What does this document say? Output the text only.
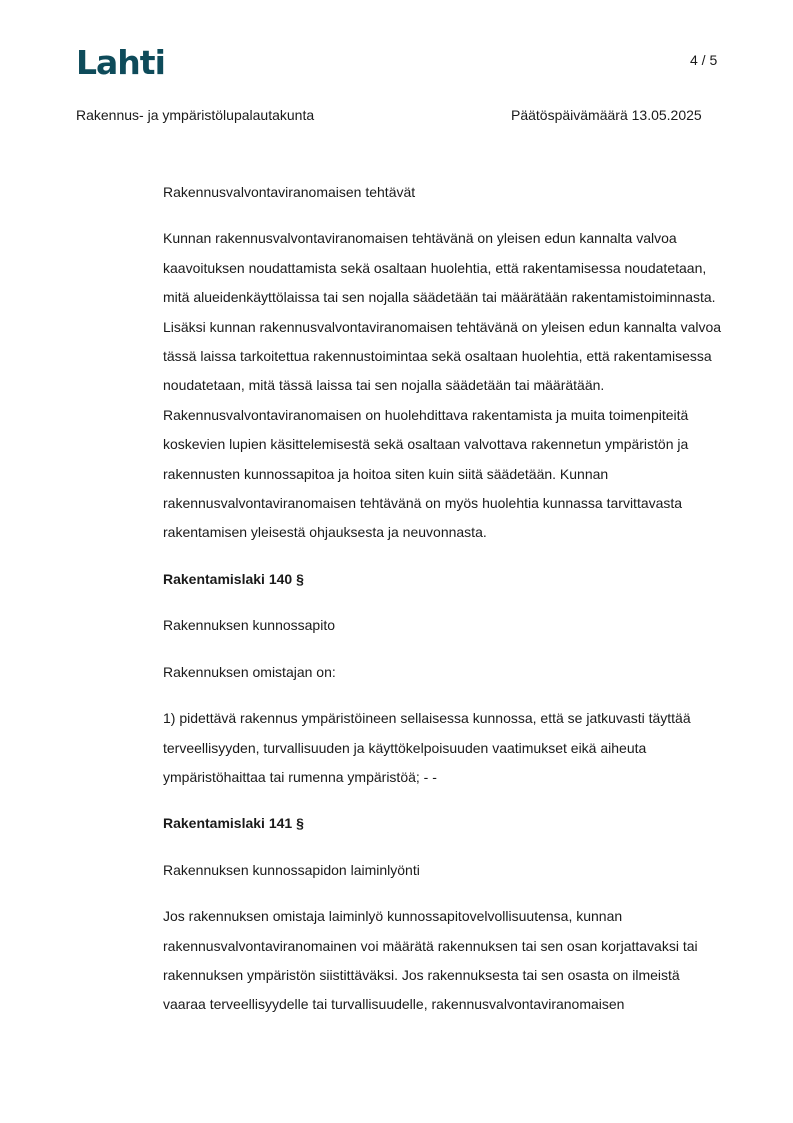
Lahti	4 / 5
Rakennus- ja ympäristölupalautakunta	Päätöspäivämäärä 13.05.2025

Rakennusvalvontaviranomaisen tehtävät

Kunnan rakennusvalvontaviranomaisen tehtävänä on yleisen edun kannalta valvoa kaavoituksen noudattamista sekä osaltaan huolehtia, että rakentamisessa noudatetaan, mitä alueidenkäyttölaissa tai sen nojalla säädetään tai määrätään rakentamistoiminnasta. Lisäksi kunnan rakennusvalvontaviranomaisen tehtävänä on yleisen edun kannalta valvoa tässä laissa tarkoitettua rakennustoimintaa sekä osaltaan huolehtia, että rakentamisessa noudatetaan, mitä tässä laissa tai sen nojalla säädetään tai määrätään. Rakennusvalvontaviranomaisen on huolehdittava rakentamista ja muita toimenpiteitä koskevien lupien käsittelemisestä sekä osaltaan valvottava rakennetun ympäristön ja rakennusten kunnossapitoa ja hoitoa siten kuin siitä säädetään. Kunnan rakennusvalvontaviranomaisen tehtävänä on myös huolehtia kunnassa tarvittavasta rakentamisen yleisestä ohjauksesta ja neuvonnasta.

Rakentamislaki 140 §

Rakennuksen kunnossapito

Rakennuksen omistajan on:

1) pidettävä rakennus ympäristöineen sellaisessa kunnossa, että se jatkuvasti täyttää terveellisyyden, turvallisuuden ja käyttökelpoisuuden vaatimukset eikä aiheuta ympäristöhaittaa tai rumenna ympäristöä; - -

Rakentamislaki 141 §

Rakennuksen kunnossapidon laiminlyönti

Jos rakennuksen omistaja laiminlyö kunnossapitovelvollisuutensa, kunnan rakennusvalvontaviranomainen voi määrätä rakennuksen tai sen osan korjattavaksi tai rakennuksen ympäristön siistittäväksi. Jos rakennuksesta tai sen osasta on ilmeistä vaaraa terveellisyydelle tai turvallisuudelle, rakennusvalvontaviranomaisen
